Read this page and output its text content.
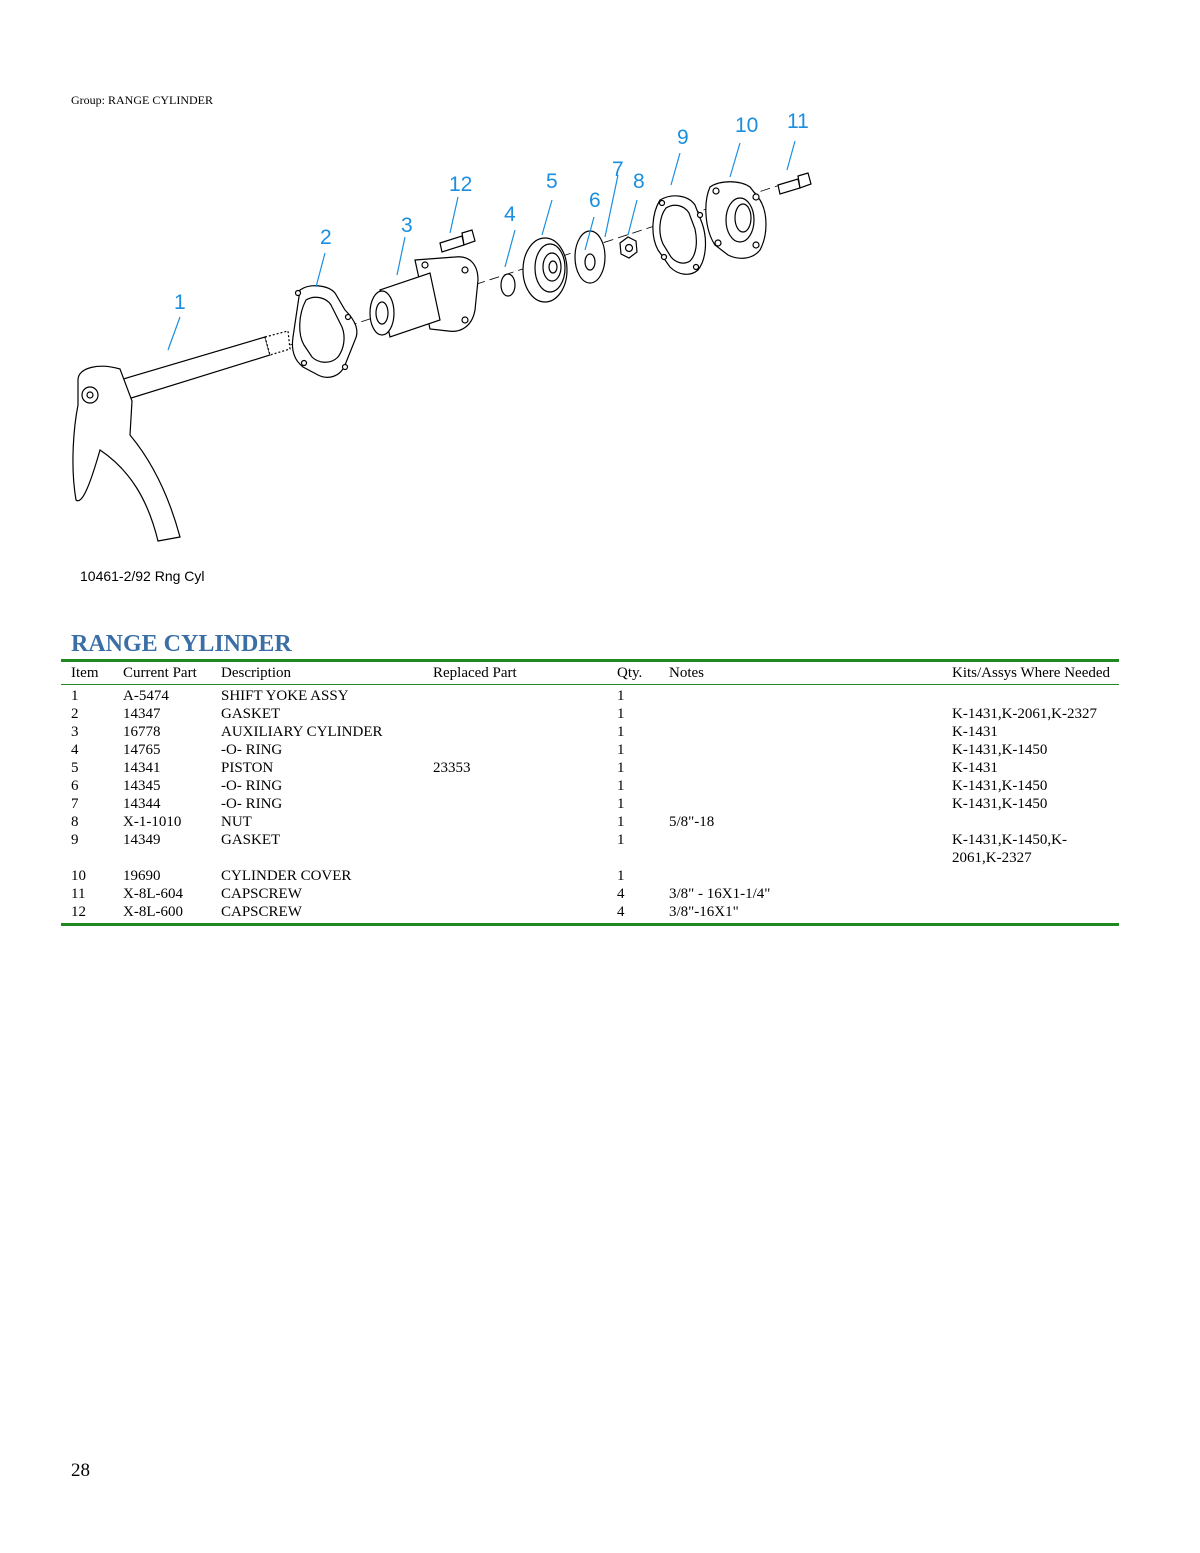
Group: RANGE CYLINDER
1
2
3	4
5
6
7
8
9
10 11
12
10461-2/92 Rng Cyl
RANGE CYLINDER
Item	Current Part	Description	Replaced Part	Qty.	Notes	Kits/Assys Where Needed
1	A-5474	SHIFT YOKE ASSY		1		
2	14347	GASKET		1		K-1431,K-2061,K-2327
3	16778	AUXILIARY CYLINDER		1		K-1431
4	14765	-O- RING		1		K-1431,K-1450
5	14341	PISTON	23353	1		K-1431
6	14345	-O- RING		1		K-1431,K-1450
7	14344	-O- RING		1		K-1431,K-1450
8	X-1-1010	NUT		1	5/8"-18	
9	14349	GASKET		1		K-1431,K-1450,K-2061,K-2327
10	19690	CYLINDER COVER		1		
11	X-8L-604	CAPSCREW		4	3/8" - 16X1-1/4"	
12	X-8L-600	CAPSCREW		4	3/8"-16X1"	
28
